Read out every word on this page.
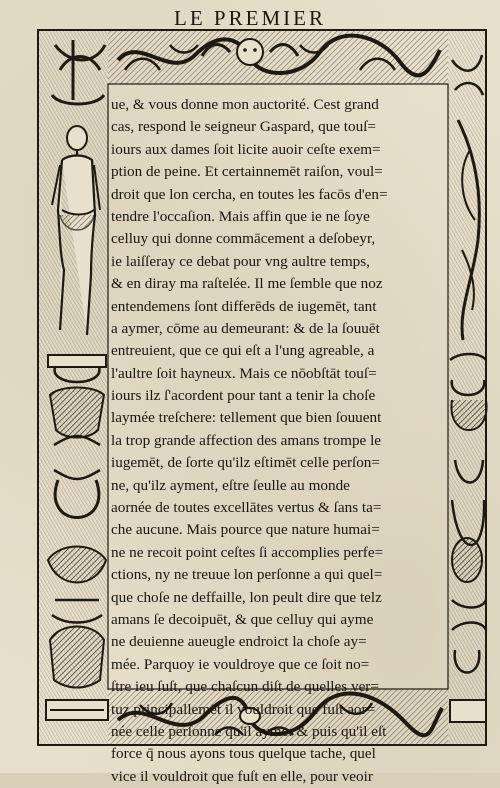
LE PREMIER
ue, & vous donne mon auctorité. Cest grand
cas, respond le seigneur Gaspard, que touſ=
iours aux dames ſoit licite auoir ceſte exem=
ption de peine. Et certainnemēt raiſon, voul=
droit que lon cercha, en toutes les facōs d'en=
tendre l'occaſion. Mais affin que ie ne ſoye
celluy qui donne commācement a deſobeyr,
ie laiſſeray ce debat pour vng aultre temps,
& en diray ma raſtelée. Il me ſemble que noz
entendemens ſont differēds de iugemēt, tant
a aymer, cōme au demeurant: & de la ſouuēt
entreuient, que ce qui eſt a l'ung agreable, a
l'aultre ſoit hayneux. Mais ce nōobſtāt touſ=
iours ilz ſ'acordent pour tant a tenir la choſe
laymée treſchere: tellement que bien ſouuent
la trop grande affection des amans trompe le
iugemēt, de ſorte qu'ilz eſtimēt celle perſon=
ne, qu'ilz ayment, eſtre ſeulle au monde
aornée de toutes excellātes vertus & ſans ta=
che aucune. Mais pource que nature humai=
ne ne recoit point ceſtes ſi accomplies perfe=
ctions, ny ne treuue lon perſonne a qui quel=
que choſe ne deffaille, lon peult dire que telz
amans ſe decoipuēt, & que celluy qui ayme
ne deuienne aueugle endroict la choſe ay=
mée. Parquoy ie vouldroye que ce ſoit no=
ſtre ieu ſuſt, que chaſcun diſt de quelles ver=
tuz principallemēt il vouldroit que fuſt aor=
née celle perſonne qu'il ayme: & puis qu'il eſt
force q̄ nous ayons tous quelque tache, quel
vice il vouldroit que fuſt en elle, pour veoir
